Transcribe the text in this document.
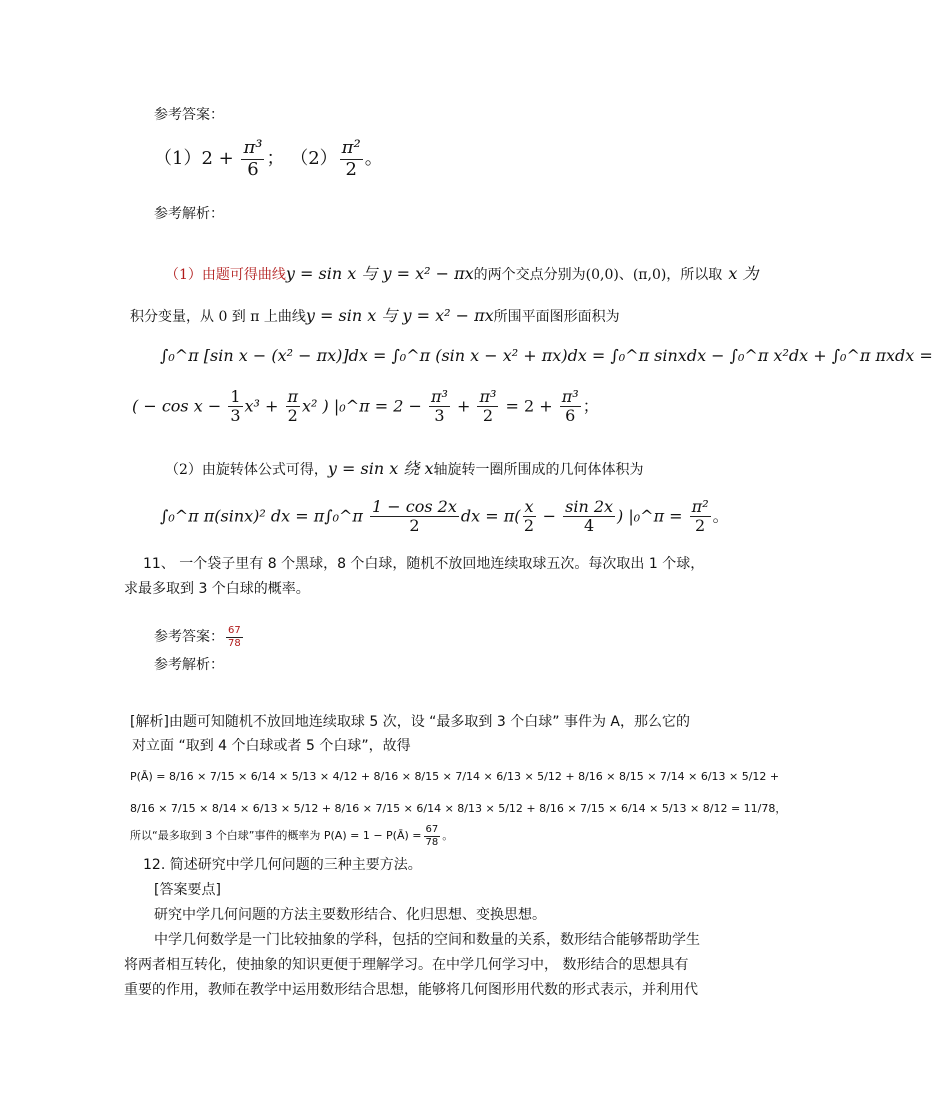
参考答案：
$(1)2 + \frac{\text{π³}}{6}$ ； $(2) \frac{\text{π²}}{2}$ 。
参考解析：
（1）由题可得曲线y = sin x 与 y = x² − πx的两个交点分别为(0,0)、(π,0)，所以取 x 为
积分变量，从 0 到 π 上曲线y = sin x 与 y = x² − πx所围平面图形面积为
∫₀^π [sin x − (x² − πx)]dx = ∫₀^π (sin x − x² + πx)dx = ∫₀^π sinxdx − ∫₀^π x²dx + ∫₀^π πxdx =
( − $\cos x - \frac{1}{3} x^3 + \frac{\pi}{2} x^2$ ) |₀^π = $2 - \frac{\text{π³}}{3} + \frac{\text{π³}}{2} = 2 + \frac{\text{π³}}{6}$ ；
（2）由旋转体公式可得，y = sin x 绕 x轴旋转一圈所围成的几何体体积为
∫₀^π π(sinx)² dx = π∫₀^π $\frac{1 - \cos 2x}{2}$ dx = $\pi( \frac{x}{2} - \frac{\sin 2x}{4}$ ) |₀^π = $\frac{\text{π²}}{2}$ 。
11、 一个袋子里有 8 个黑球，8 个白球，随机不放回地连续取球五次。每次取出 1 个球，
求最多取到 3 个白球的概率。
参考答案： $\frac{67}{78}$
参考解析：
[解析]由题可知随机不放回地连续取球 5 次，设 “最多取到 3 个白球” 事件为 A，那么它的
对立面 “取到 4 个白球或者 5 个白球”，故得
P(Ā) = 8/16 × 7/15 × 6/14 × 5/13 × 4/12 + 8/16 × 8/15 × 7/14 × 6/13 × 5/12 + 8/16 × 8/15 × 7/14 × 6/13 × 5/12 +
8/16 × 7/15 × 8/14 × 6/13 × 5/12 + 8/16 × 7/15 × 6/14 × 8/13 × 5/12 + 8/16 × 7/15 × 6/14 × 5/13 × 8/12 = 11/78，
所以“最多取到 3 个白球”事件的概率为 P(A) = 1 − P(Ā) = $\frac{67}{78}$ 。
12. 简述研究中学几何问题的三种主要方法。
[答案要点]
研究中学几何问题的方法主要数形结合、化归思想、变换思想。
中学几何数学是一门比较抽象的学科，包括的空间和数量的关系，数形结合能够帮助学生
将两者相互转化，使抽象的知识更便于理解学习。在中学几何学习中， 数形结合的思想具有
重要的作用，教师在教学中运用数形结合思想，能够将几何图形用代数的形式表示，并利用代
